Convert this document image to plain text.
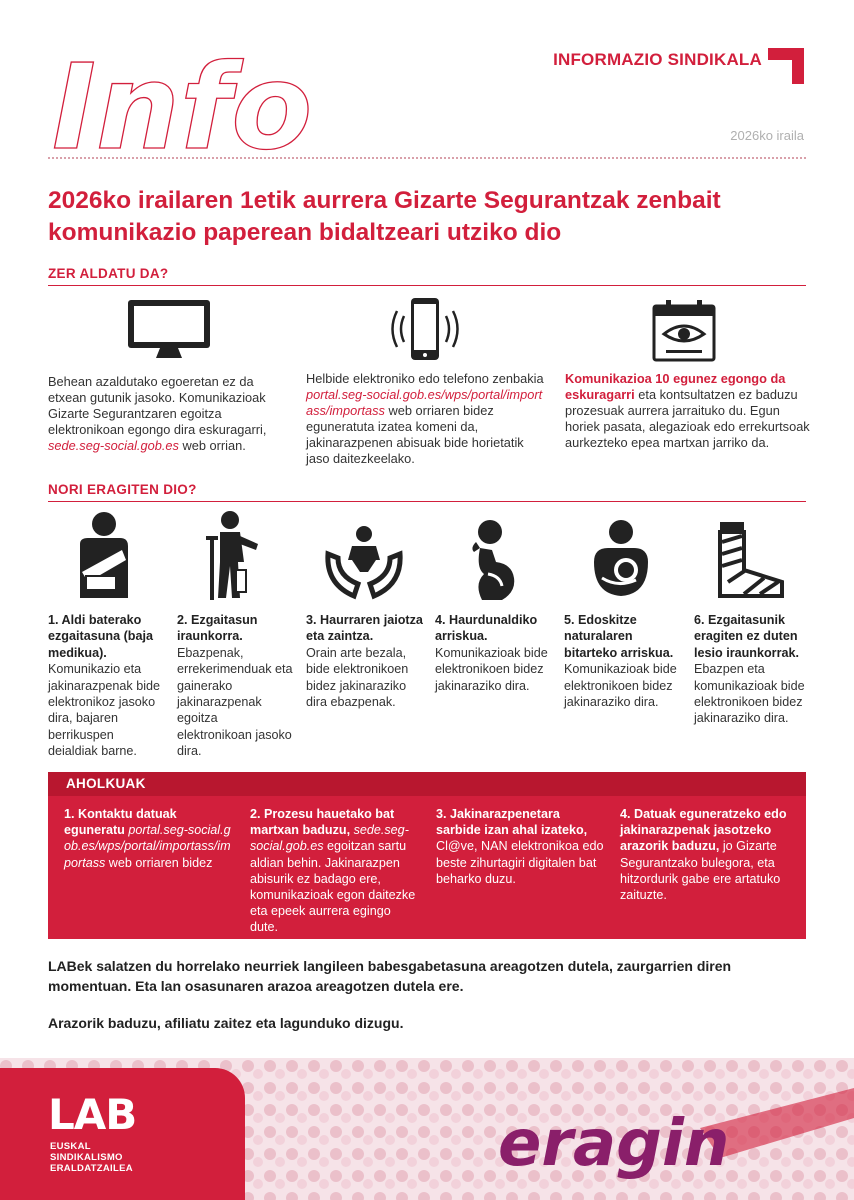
Info	INFORMAZIO SINDIKALA
2026ko iraila
2026ko irailaren 1etik aurrera Gizarte Segurantzak zenbait komunikazio paperean bidaltzeari utziko dio
ZER ALDATU DA?

Behean azaldutako egoeretan ez da etxean gutunik jasoko. Komunikazioak Gizarte Segurantzaren egoitza elektronikoan egongo dira eskuragarri, sede.seg-social.gob.es web orrian.

Helbide elektroniko edo telefono zenbakia portal.seg-social.gob.es/wps/portal/importass/importass web orriaren bidez eguneratuta izatea komeni da, jakinarazpenen abisuak bide horietatik jaso daitezkeelako.

Komunikazioa 10 egunez egongo da eskuragarri eta kontsultatzen ez baduzu prozesuak aurrera jarraituko du. Egun horiek pasata, alegazioak edo errekurtsoak aurkezteko epea martxan jarriko da.

NORI ERAGITEN DIO?
1. Aldi baterako ezgaitasuna (baja medikua).
Komunikazio eta jakinarazpenak bide elektronikoz jasoko dira, bajaren berrikuspen deialdiak barne.
2. Ezgaitasun iraunkorra.
Ebazpenak, errekerimenduak eta gainerako jakinarazpenak egoitza elektronikoan jasoko dira.
3. Haurraren jaiotza eta zaintza.
Orain arte bezala, bide elektronikoen bidez jakinaraziko dira ebazpenak.
4. Haurdunaldiko arriskua.
Komunikazioak bide elektronikoen bidez jakinaraziko dira.
5. Edoskitze naturalaren bitarteko arriskua.
Komunikazioak bide elektronikoen bidez jakinaraziko dira.
6. Ezgaitasunik eragiten ez duten lesio iraunkorrak.
Ebazpen eta komunikazioak bide elektronikoen bidez jakinaraziko dira.
AHOLKUAK
1. Kontaktu datuak eguneratu portal.seg-social.gob.es/wps/portal/importass/importass web orriaren bidez
2. Prozesu hauetako bat martxan baduzu, sede.seg-social.gob.es egoitzan sartu aldian behin. Jakinarazpen abisurik ez badago ere, komunikazioak egon daitezke eta epeek aurrera egingo dute.
3. Jakinarazpenetara sarbide izan ahal izateko, Cl@ve, NAN elektronikoa edo beste zihurtagiri digitalen bat beharko duzu.
4. Datuak eguneratzeko edo jakinarazpenak jasotzeko arazorik baduzu, jo Gizarte Segurantzako bulegora, eta hitzordurik gabe ere artatuko zaituzte.

LABek salatzen du horrelako neurriek langileen babesgabetasuna areagotzen dutela, zaurgarrien diren momentuan. Eta lan osasunaren arazoa areagotzen dutela ere.

Arazorik baduzu, afiliatu zaitez eta lagunduko dizugu.

LAB
EUSKAL
SINDIKALISMO
ERALDATZAILEA	eragin
